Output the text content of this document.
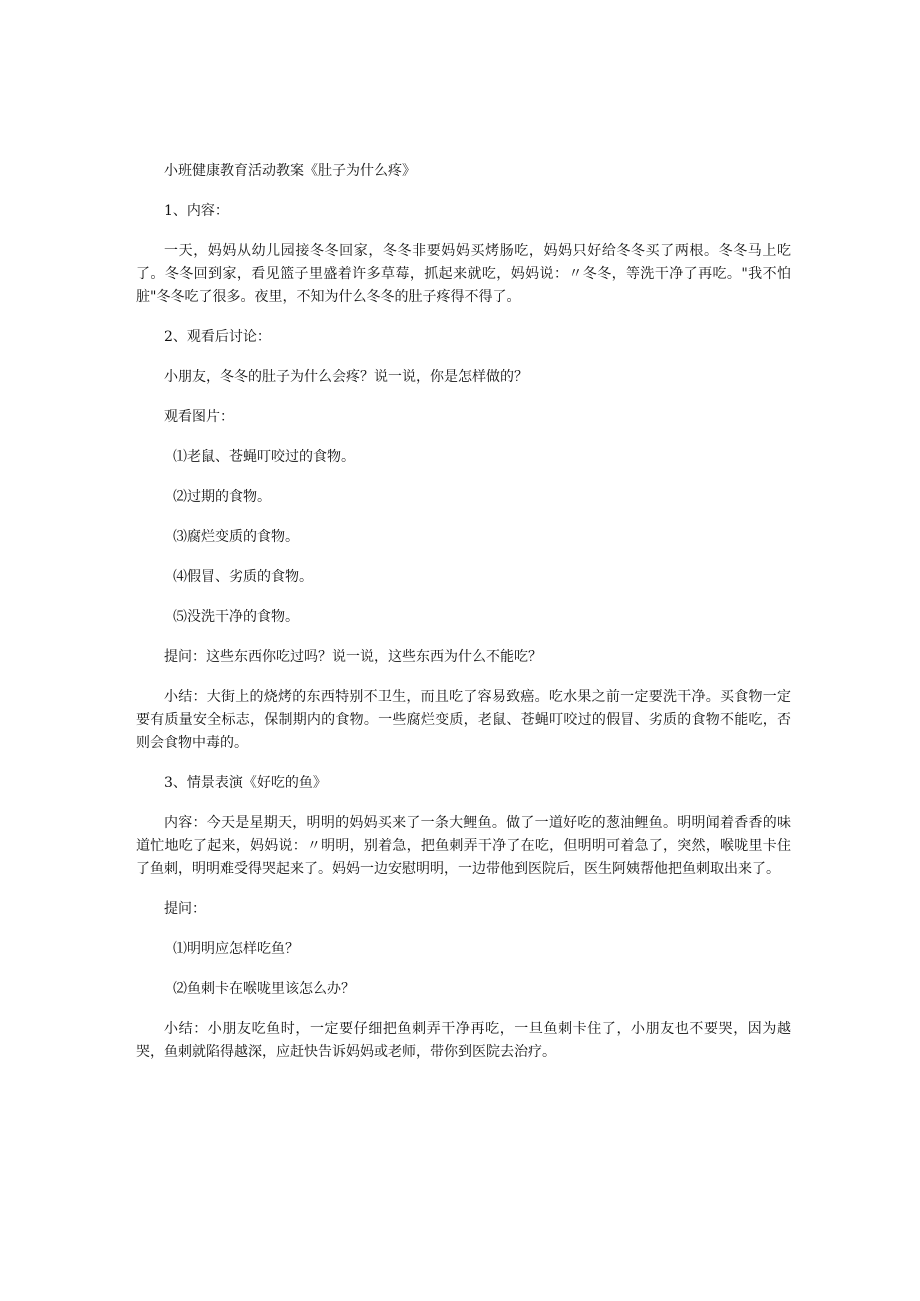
小班健康教育活动教案《肚子为什么疼》

1、内容：

一天，妈妈从幼儿园接冬冬回家，冬冬非要妈妈买烤肠吃，妈妈只好给冬冬买了两根。冬冬马上吃了。冬冬回到家，看见篮子里盛着许多草莓，抓起来就吃，妈妈说：〃冬冬，等洗干净了再吃。"我不怕脏"冬冬吃了很多。夜里，不知为什么冬冬的肚子疼得不得了。

2、观看后讨论：

小朋友，冬冬的肚子为什么会疼？说一说，你是怎样做的？

观看图片：

⑴老鼠、苍蝇叮咬过的食物。

⑵过期的食物。

⑶腐烂变质的食物。

⑷假冒、劣质的食物。

⑸没洗干净的食物。

提问：这些东西你吃过吗？说一说，这些东西为什么不能吃？

小结：大街上的烧烤的东西特别不卫生，而且吃了容易致癌。吃水果之前一定要洗干净。买食物一定要有质量安全标志，保制期内的食物。一些腐烂变质，老鼠、苍蝇叮咬过的假冒、劣质的食物不能吃，否则会食物中毒的。

3、情景表演《好吃的鱼》

内容：今天是星期天，明明的妈妈买来了一条大鲤鱼。做了一道好吃的葱油鲤鱼。明明闻着香香的味道忙地吃了起来，妈妈说：〃明明，别着急，把鱼刺弄干净了在吃，但明明可着急了，突然，喉咙里卡住了鱼刺，明明难受得哭起来了。妈妈一边安慰明明，一边带他到医院后，医生阿姨帮他把鱼刺取出来了。

提问：

⑴明明应怎样吃鱼？

⑵鱼刺卡在喉咙里该怎么办？

小结：小朋友吃鱼时，一定要仔细把鱼刺弄干净再吃，一旦鱼刺卡住了，小朋友也不要哭，因为越哭，鱼刺就陷得越深，应赶快告诉妈妈或老师，带你到医院去治疗。
